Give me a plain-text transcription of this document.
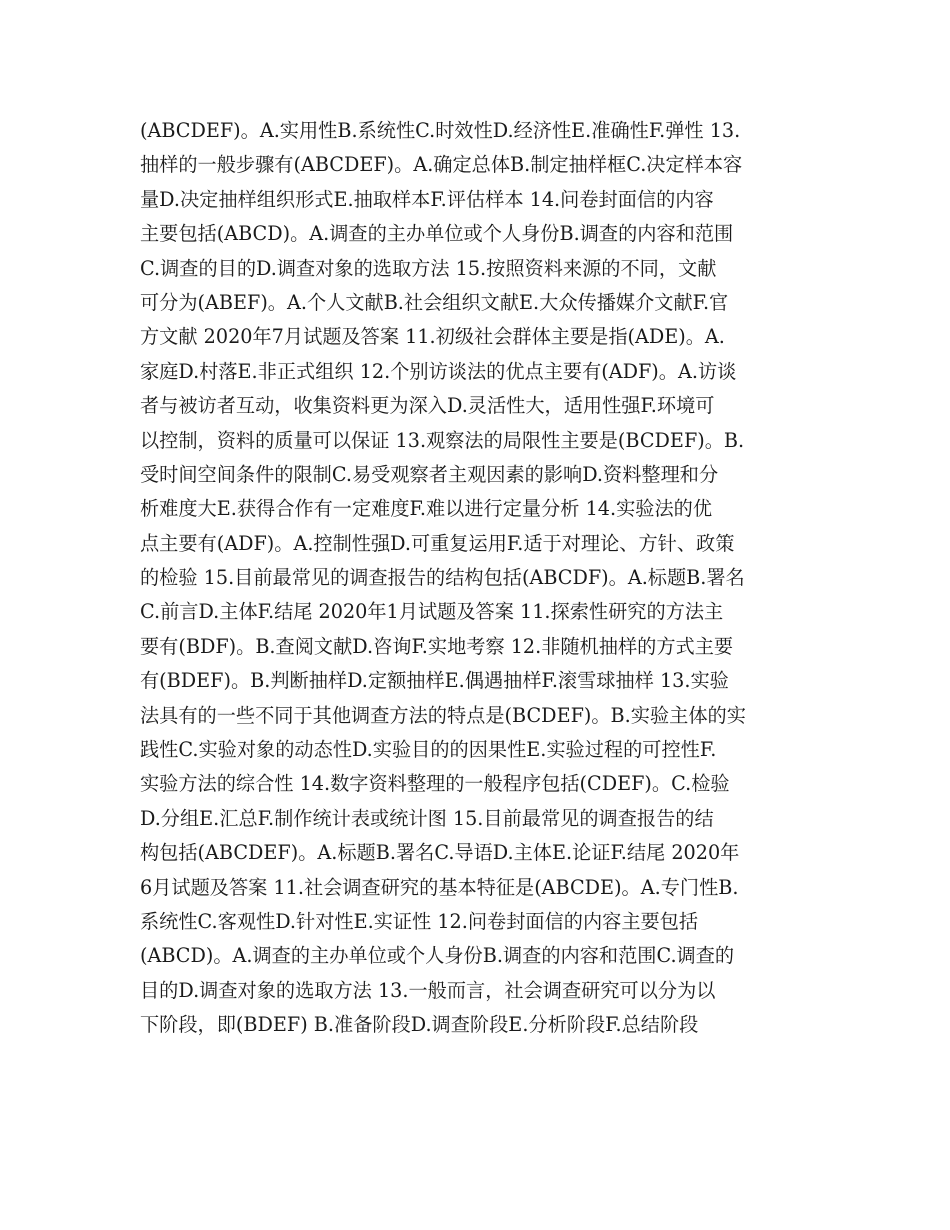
(ABCDEF)。A.实用性B.系统性C.时效性D.经济性E.准确性F.弹性 13.
抽样的一般步骤有(ABCDEF)。A.确定总体B.制定抽样框C.决定样本容
量D.决定抽样组织形式E.抽取样本F.评估样本 14.问卷封面信的内容
主要包括(ABCD)。A.调查的主办单位或个人身份B.调查的内容和范围
C.调查的目的D.调查对象的选取方法 15.按照资料来源的不同，文献
可分为(ABEF)。A.个人文献B.社会组织文献E.大众传播媒介文献F.官
方文献 2020年7月试题及答案 11.初级社会群体主要是指(ADE)。A.
家庭D.村落E.非正式组织 12.个别访谈法的优点主要有(ADF)。A.访谈
者与被访者互动，收集资料更为深入D.灵活性大，适用性强F.环境可
以控制，资料的质量可以保证 13.观察法的局限性主要是(BCDEF)。B.
受时间空间条件的限制C.易受观察者主观因素的影响D.资料整理和分
析难度大E.获得合作有一定难度F.难以进行定量分析 14.实验法的优
点主要有(ADF)。A.控制性强D.可重复运用F.适于对理论、方针、政策
的检验 15.目前最常见的调查报告的结构包括(ABCDF)。A.标题B.署名
C.前言D.主体F.结尾 2020年1月试题及答案 11.探索性研究的方法主
要有(BDF)。B.查阅文献D.咨询F.实地考察 12.非随机抽样的方式主要
有(BDEF)。B.判断抽样D.定额抽样E.偶遇抽样F.滚雪球抽样 13.实验
法具有的一些不同于其他调查方法的特点是(BCDEF)。B.实验主体的实
践性C.实验对象的动态性D.实验目的的因果性E.实验过程的可控性F.
实验方法的综合性 14.数字资料整理的一般程序包括(CDEF)。C.检验
D.分组E.汇总F.制作统计表或统计图 15.目前最常见的调查报告的结
构包括(ABCDEF)。A.标题B.署名C.导语D.主体E.论证F.结尾 2020年
6月试题及答案 11.社会调查研究的基本特征是(ABCDE)。A.专门性B.
系统性C.客观性D.针对性E.实证性 12.问卷封面信的内容主要包括
(ABCD)。A.调查的主办单位或个人身份B.调查的内容和范围C.调查的
目的D.调查对象的选取方法 13.一般而言，社会调查研究可以分为以
下阶段，即(BDEF) B.准备阶段D.调查阶段E.分析阶段F.总结阶段
